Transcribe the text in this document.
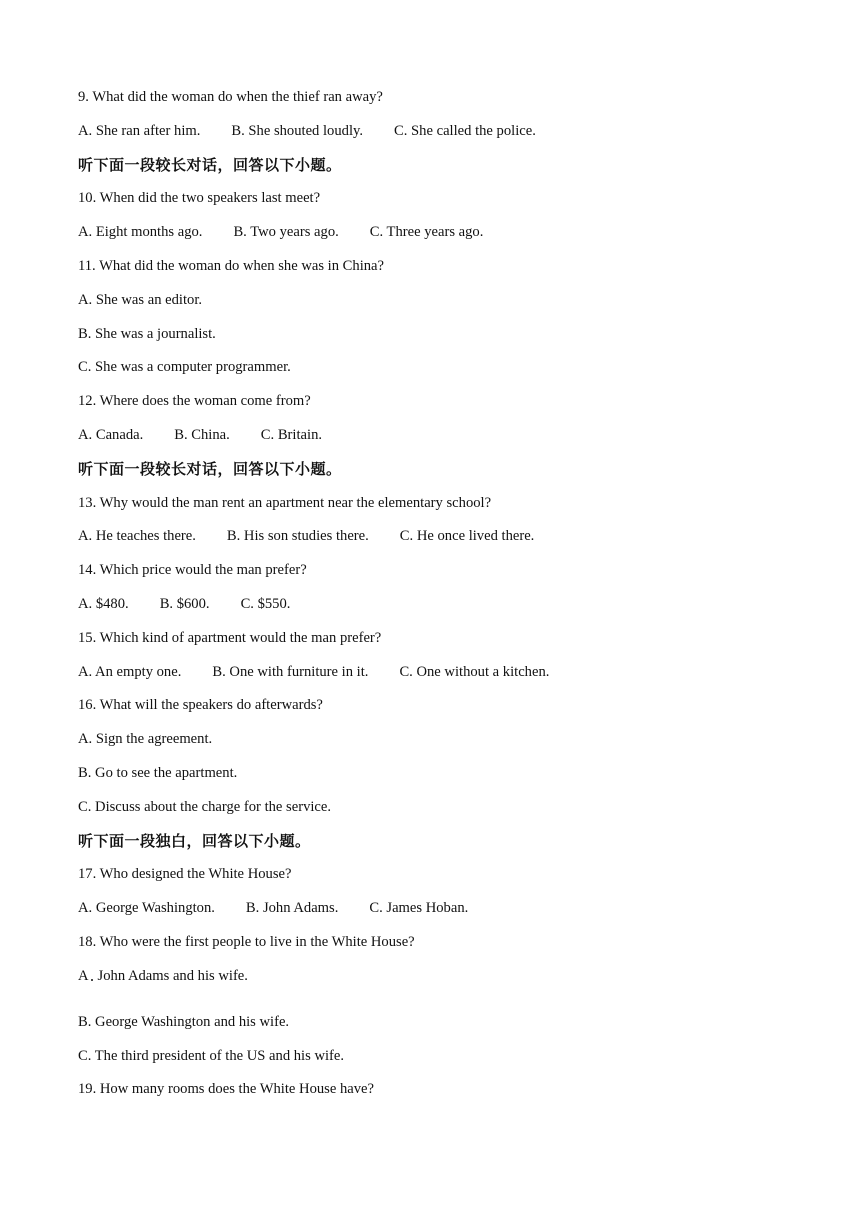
9. What did the woman do when the thief ran away?
A. She ran after him. B. She shouted loudly. C. She called the police.
听下面一段较长对话，回答以下小题。
10. When did the two speakers last meet?
A. Eight months ago. B. Two years ago. C. Three years ago.
11. What did the woman do when she was in China?
A. She was an editor.
B. She was a journalist.
C. She was a computer programmer.
12. Where does the woman come from?
A. Canada. B. China. C. Britain.
听下面一段较长对话，回答以下小题。
13. Why would the man rent an apartment near the elementary school?
A. He teaches there. B. His son studies there. C. He once lived there.
14. Which price would the man prefer?
A. $480. B. $600. C. $550.
15. Which kind of apartment would the man prefer?
A. An empty one. B. One with furniture in it. C. One without a kitchen.
16. What will the speakers do afterwards?
A. Sign the agreement.
B. Go to see the apartment.
C. Discuss about the charge for the service.
听下面一段独白，回答以下小题。
17. Who designed the White House?
A. George Washington. B. John Adams. C. James Hoban.
18. Who were the first people to live in the White House?
A John Adams and his wife.
B. George Washington and his wife.
C. The third president of the US and his wife.
19. How many rooms does the White House have?
